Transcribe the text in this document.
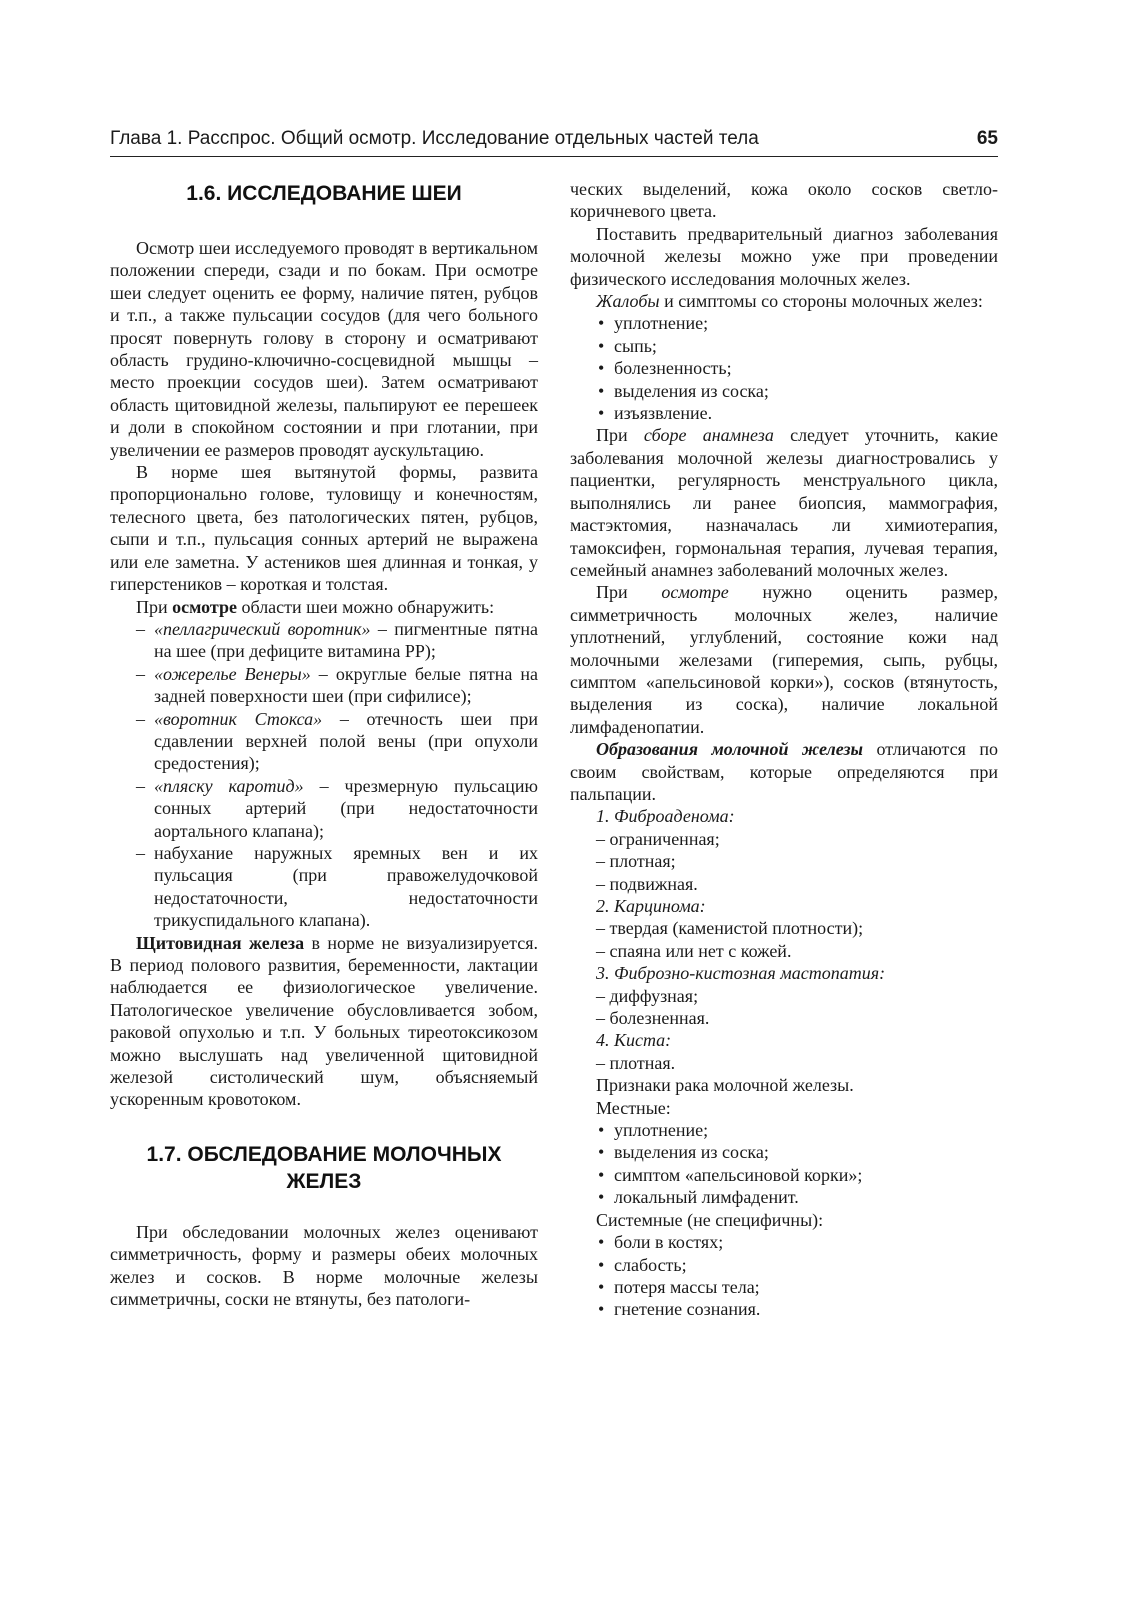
Глава 1. Расспрос. Общий осмотр. Исследование отдельных частей тела	65
1.6. ИССЛЕДОВАНИЕ ШЕИ

Осмотр шеи исследуемого проводят в вертикальном положении спереди, сзади и по бокам. При осмотре шеи следует оценить ее форму, наличие пятен, рубцов и т.п., а также пульсации сосудов (для чего больного просят повернуть голову в сторону и осматривают область грудино-ключично-сосцевидной мышцы – место проекции сосудов шеи). Затем осматривают область щитовидной железы, пальпируют ее перешеек и доли в спокойном состоянии и при глотании, при увеличении ее размеров проводят аускультацию.

В норме шея вытянутой формы, развита пропорционально голове, туловищу и конечностям, телесного цвета, без патологических пятен, рубцов, сыпи и т.п., пульсация сонных артерий не выражена или еле заметна. У астеников шея длинная и тонкая, у гиперстеников – короткая и толстая.

При осмотре области шеи можно обнаружить:

– «пеллагрический воротник» – пигментные пятна на шее (при дефиците витамина РР);
– «ожерелье Венеры» – округлые белые пятна на задней поверхности шеи (при сифилисе);
– «воротник Стокса» – отечность шеи при сдавлении верхней полой вены (при опухоли средостения);
– «пляску каротид» – чрезмерную пульсацию сонных артерий (при недостаточности аортального клапана);
– набухание наружных яремных вен и их пульсация (при правожелудочковой недостаточности, недостаточности трикуспидального клапана).

Щитовидная железа в норме не визуализируется. В период полового развития, беременности, лактации наблюдается ее физиологическое увеличение. Патологическое увеличение обусловливается зобом, раковой опухолью и т.п. У больных тиреотоксикозом можно выслушать над увеличенной щитовидной железой систолический шум, объясняемый ускоренным кровотоком.

1.7. ОБСЛЕДОВАНИЕ МОЛОЧНЫХ
ЖЕЛЕЗ

При обследовании молочных желез оценивают симметричность, форму и размеры обеих молочных желез и сосков. В норме молочные железы симметричны, соски не втянуты, без патологи-

ческих выделений, кожа около сосков светло-коричневого цвета.

Поставить предварительный диагноз заболевания молочной железы можно уже при проведении физического исследования молочных желез.

Жалобы и симптомы со стороны молочных желез:

• уплотнение;
• сыпь;
• болезненность;
• выделения из соска;
• изъязвление.

При сборе анамнеза следует уточнить, какие заболевания молочной железы диагностровались у пациентки, регулярность менструального цикла, выполнялись ли ранее биопсия, маммография, мастэктомия, назначалась ли химиотерапия, тамоксифен, гормональная терапия, лучевая терапия, семейный анамнез заболеваний молочных желез.

При осмотре нужно оценить размер, симметричность молочных желез, наличие уплотнений, углублений, состояние кожи над молочными железами (гиперемия, сыпь, рубцы, симптом «апельсиновой корки»), сосков (втянутость, выделения из соска), наличие локальной лимфаденопатии.

Образования молочной железы отличаются по своим свойствам, которые определяются при пальпации.

1. Фиброаденома:
– ограниченная;
– плотная;
– подвижная.
2. Карцинома:
– твердая (каменистой плотности);
– спаяна или нет с кожей.
3. Фиброзно-кистозная мастопатия:
– диффузная;
– болезненная.
4. Киста:
– плотная.
Признаки рака молочной железы.
Местные:
• уплотнение;
• выделения из соска;
• симптом «апельсиновой корки»;
• локальный лимфаденит.
Системные (не специфичны):
• боли в костях;
• слабость;
• потеря массы тела;
• гнетение сознания.
